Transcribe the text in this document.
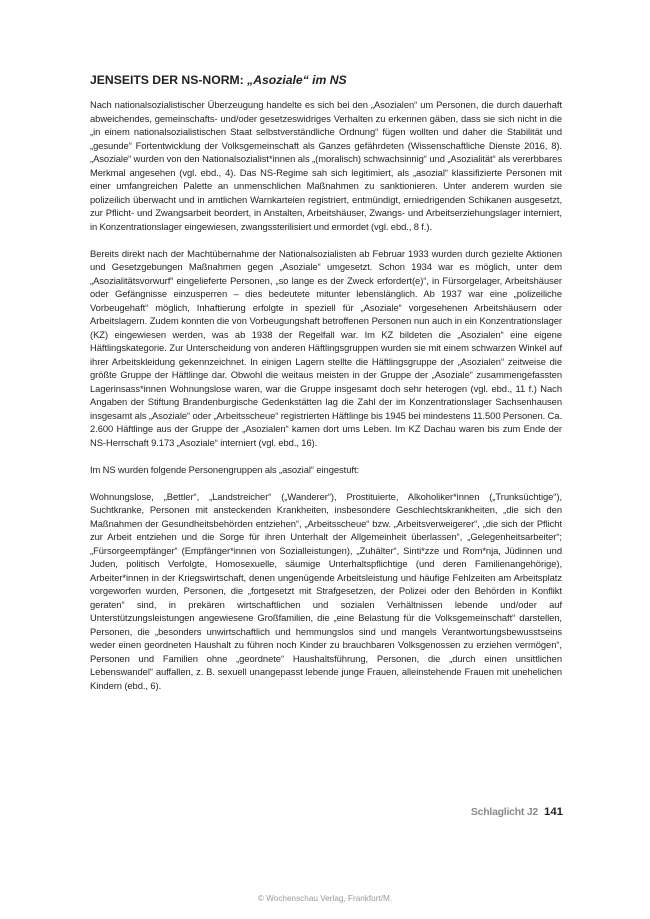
JENSEITS DER NS-NORM: „Asoziale“ im NS

Nach nationalsozialistischer Überzeugung handelte es sich bei den „Asozialen“ um Personen, die durch dauerhaft abweichendes, gemeinschafts- und/oder gesetzeswidriges Verhalten zu erkennen gäben, dass sie sich nicht in die „in einem nationalsozialistischen Staat selbstverständliche Ordnung“ fügen wollten und daher die Stabilität und „gesunde“ Fortentwicklung der Volksgemeinschaft als Ganzes gefährdeten (Wissenschaftliche Dienste 2016, 8). „Asoziale“ wurden von den Nationalsozialist*innen als „(moralisch) schwachsinnig“ und „Asozialität“ als vererbbares Merkmal angesehen (vgl. ebd., 4). Das NS-Regime sah sich legitimiert, als „asozial“ klassifizierte Personen mit einer umfangreichen Palette an unmenschlichen Maßnahmen zu sanktionieren. Unter anderem wurden sie polizeilich überwacht und in amtlichen Warnkarteien registriert, entmündigt, erniedrigenden Schikanen ausgesetzt, zur Pflicht- und Zwangsarbeit beordert, in Anstalten, Arbeitshäuser, Zwangs- und Arbeitserziehungslager interniert, in Konzentrationslager eingewiesen, zwangssterilisiert und ermordet (vgl. ebd., 8 f.).

Bereits direkt nach der Machtübernahme der Nationalsozialisten ab Februar 1933 wurden durch gezielte Aktionen und Gesetzgebungen Maßnahmen gegen „Asoziale“ umgesetzt. Schon 1934 war es möglich, unter dem „Asozialitätsvorwurf“ eingelieferte Personen, „so lange es der Zweck erfordert(e)“, in Fürsorgelager, Arbeitshäuser oder Gefängnisse einzusperren – dies bedeutete mitunter lebenslänglich. Ab 1937 war eine „polizeiliche Vorbeugehaft“ möglich, Inhaftierung erfolgte in speziell für „Asoziale“ vorgesehenen Arbeitshäusern oder Arbeitslagern. Zudem konnten die von Vorbeugungshaft betroffenen Personen nun auch in ein Konzentrationslager (KZ) eingewiesen werden, was ab 1938 der Regelfall war. Im KZ bildeten die „Asozialen“ eine eigene Häftlingskategorie. Zur Unterscheidung von anderen Häftlingsgruppen wurden sie mit einem schwarzen Winkel auf ihrer Arbeitskleidung gekennzeichnet. In einigen Lagern stellte die Häftlingsgruppe der „Asozialen“ zeitweise die größte Gruppe der Häftlinge dar. Obwohl die weitaus meisten in der Gruppe der „Asoziale“ zusammengefassten Lagerinsass*innen Wohnungslose waren, war die Gruppe insgesamt doch sehr heterogen (vgl. ebd., 11 f.) Nach Angaben der Stiftung Brandenburgische Gedenkstätten lag die Zahl der im Konzentrationslager Sachsenhausen insgesamt als „Asoziale“ oder „Arbeitsscheue“ registrierten Häftlinge bis 1945 bei mindestens 11.500 Personen. Ca. 2.600 Häftlinge aus der Gruppe der „Asozialen“ kamen dort ums Leben. Im KZ Dachau waren bis zum Ende der NS-Herrschaft 9.173 „Asoziale“ interniert (vgl. ebd., 16).

Im NS wurden folgende Personengruppen als „asozial“ eingestuft:

Wohnungslose, „Bettler“, „Landstreicher“ („Wanderer“), Prostituierte, Alkoholiker*innen („Trunksüchtige“), Suchtkranke, Personen mit ansteckenden Krankheiten, insbesondere Geschlechtskrankheiten, „die sich den Maßnahmen der Gesundheitsbehörden entziehen“, „Arbeitsscheue“ bzw. „Arbeitsverweigerer“, „die sich der Pflicht zur Arbeit entziehen und die Sorge für ihren Unterhalt der Allgemeinheit überlassen“, „Gelegenheitsarbeiter“; „Fürsorgeempfänger“ (Empfänger*innen von Sozialleistungen), „Zuhälter“, Sinti*zze und Rom*nja, Jüdinnen und Juden, politisch Verfolgte, Homosexuelle, säumige Unterhaltspflichtige (und deren Familienangehörige), Arbeiter*innen in der Kriegswirtschaft, denen ungenügende Arbeitsleistung und häufige Fehlzeiten am Arbeitsplatz vorgeworfen wurden, Personen, die „fortgesetzt mit Strafgesetzen, der Polizei oder den Behörden in Konflikt geraten“ sind, in prekären wirtschaftlichen und sozialen Verhältnissen lebende und/oder auf Unterstützungsleistungen angewiesene Großfamilien, die „eine Belastung für die Volksgemeinschaft“ darstellen, Personen, die „besonders unwirtschaftlich und hemmungslos sind und mangels Verantwortungsbewusstseins weder einen geordneten Haushalt zu führen noch Kinder zu brauchbaren Volksgenossen zu erziehen vermögen“, Personen und Familien ohne „geordnete“ Haushaltsführung, Personen, die „durch einen unsittlichen Lebenswandel“ auffallen, z. B. sexuell unangepasst lebende junge Frauen, alleinstehende Frauen mit unehelichen Kindern (ebd., 6).

Schlaglicht J2 141
© Wochenschau Verlag, Frankfurt/M.
